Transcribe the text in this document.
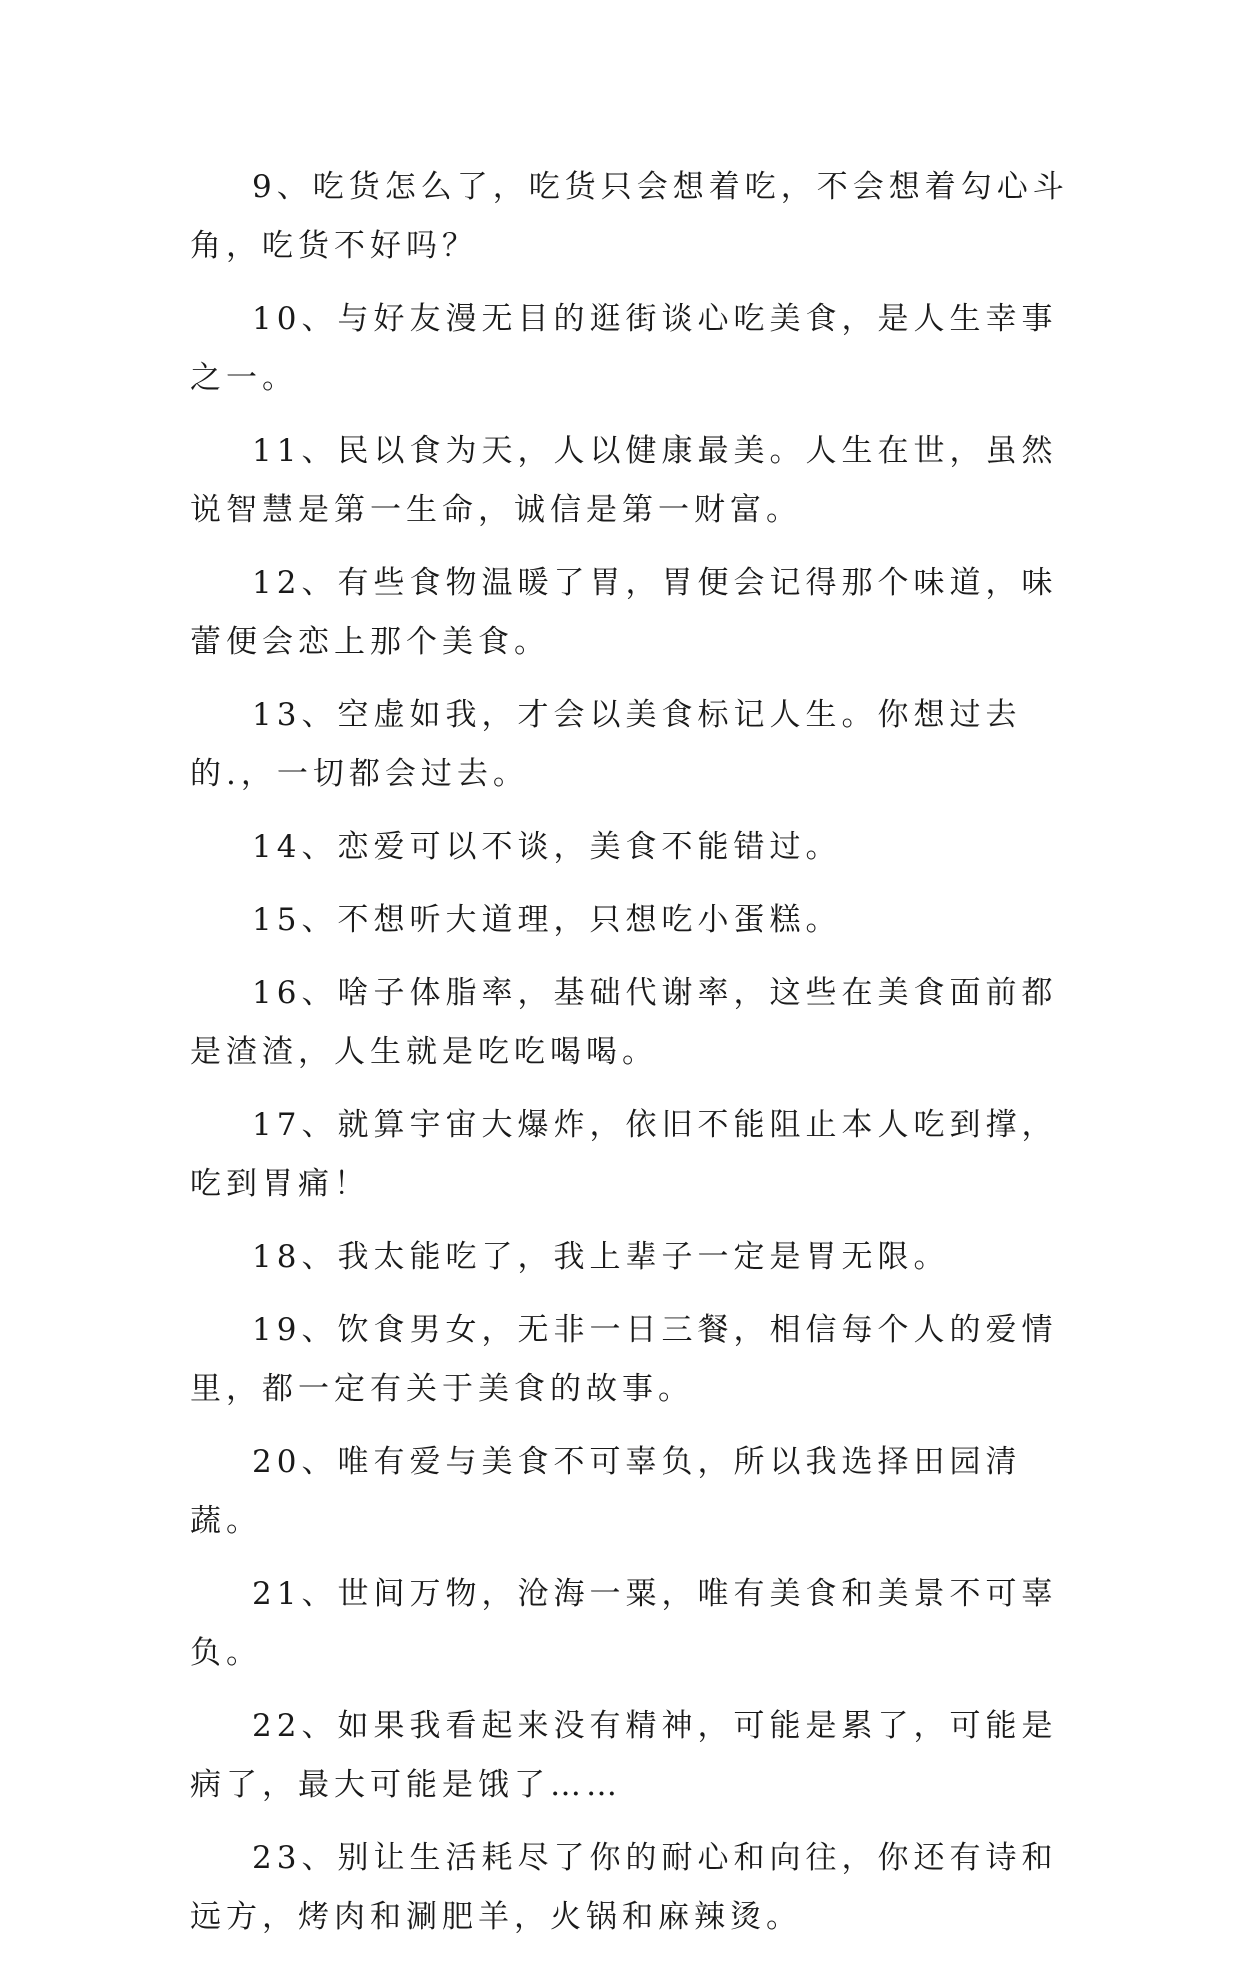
9、吃货怎么了，吃货只会想着吃，不会想着勾心斗角，吃货不好吗？

10、与好友漫无目的逛街谈心吃美食，是人生幸事之一。

11、民以食为天，人以健康最美。人生在世，虽然说智慧是第一生命，诚信是第一财富。

12、有些食物温暖了胃，胃便会记得那个味道，味蕾便会恋上那个美食。

13、空虚如我，才会以美食标记人生。你想过去的.，一切都会过去。

14、恋爱可以不谈，美食不能错过。

15、不想听大道理，只想吃小蛋糕。

16、啥子体脂率，基础代谢率，这些在美食面前都是渣渣，人生就是吃吃喝喝。

17、就算宇宙大爆炸，依旧不能阻止本人吃到撑，吃到胃痛！

18、我太能吃了，我上辈子一定是胃无限。

19、饮食男女，无非一日三餐，相信每个人的爱情里，都一定有关于美食的故事。

20、唯有爱与美食不可辜负，所以我选择田园清蔬。

21、世间万物，沧海一粟，唯有美食和美景不可辜负。

22、如果我看起来没有精神，可能是累了，可能是病了，最大可能是饿了……

23、别让生活耗尽了你的耐心和向往，你还有诗和远方，烤肉和涮肥羊，火锅和麻辣烫。
